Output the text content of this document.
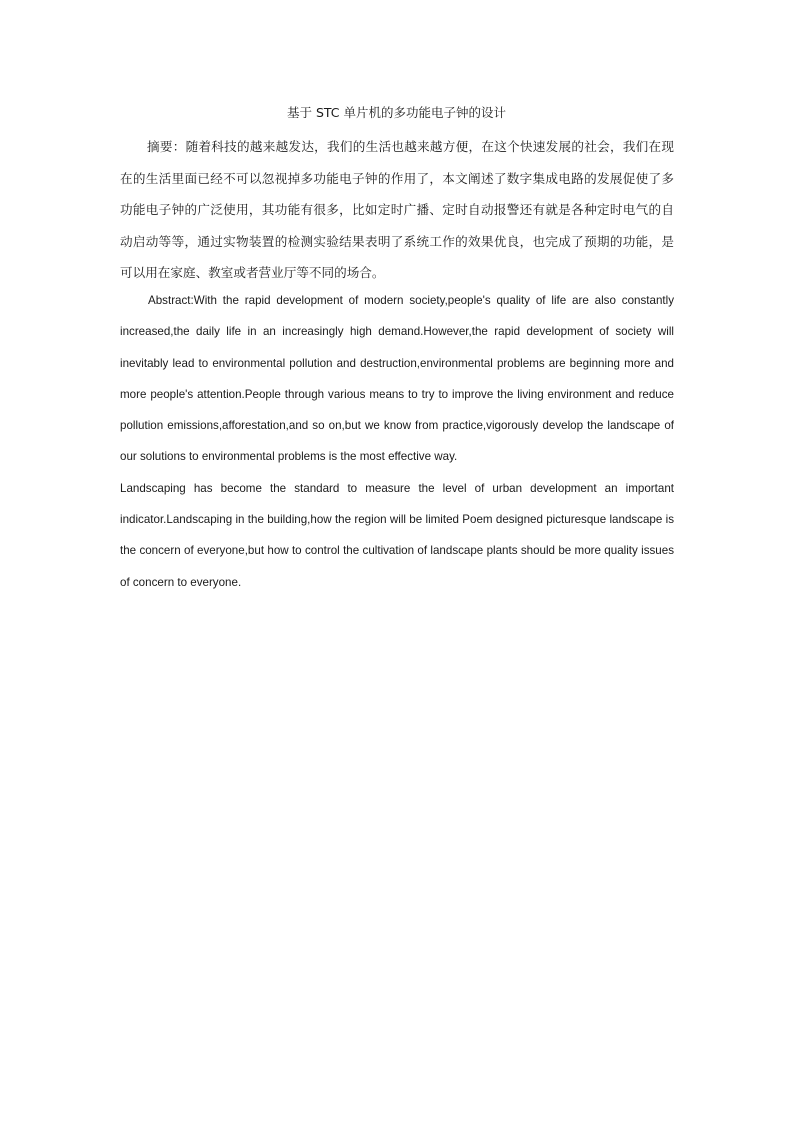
基于 STC 单片机的多功能电子钟的设计

摘要：随着科技的越来越发达，我们的生活也越来越方便，在这个快速发展的社会，我们在现在的生活里面已经不可以忽视掉多功能电子钟的作用了，本文阐述了数字集成电路的发展促使了多功能电子钟的广泛使用，其功能有很多，比如定时广播、定时自动报警还有就是各种定时电气的自动启动等等，通过实物装置的检测实验结果表明了系统工作的效果优良，也完成了预期的功能，是可以用在家庭、教室或者营业厅等不同的场合。

Abstract:With the rapid development of modern society,people's quality of life are also constantly increased,the daily life in an increasingly high demand.However,the rapid development of society will inevitably lead to environmental pollution and destruction,environmental problems are beginning more and more people's attention.People through various means to try to improve the living environment and reduce pollution emissions,afforestation,and so on,but we know from practice,vigorously develop the landscape of our solutions to environmental problems is the most effective way.

Landscaping has become the standard to measure the level of urban development an important indicator.Landscaping in the building,how the region will be limited Poem designed picturesque landscape is the concern of everyone,but how to control the cultivation of landscape plants should be more quality issues of concern to everyone.
